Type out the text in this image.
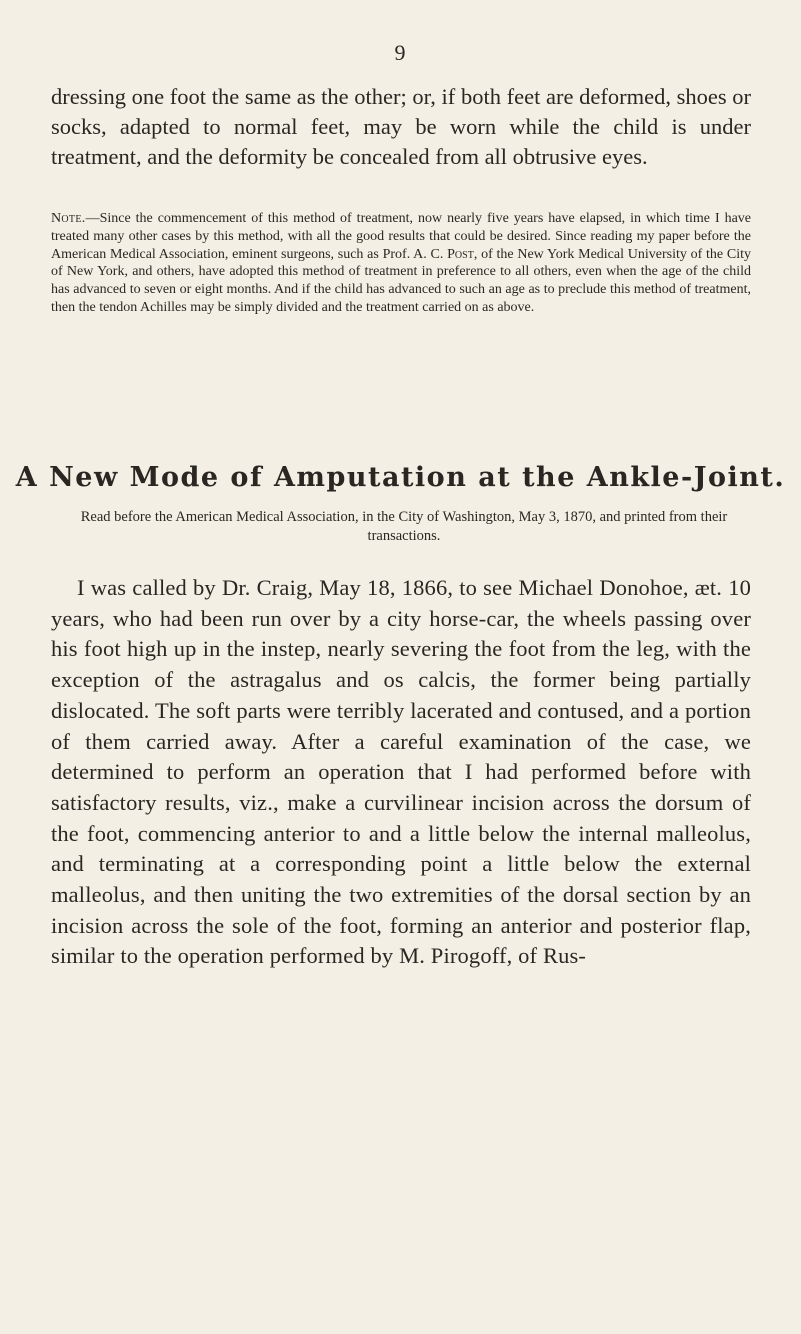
9

dressing one foot the same as the other; or, if both feet are deformed, shoes or socks, adapted to normal feet, may be worn while the child is under treatment, and the deformity be concealed from all obtrusive eyes.

Note.—Since the commencement of this method of treatment, now nearly five years have elapsed, in which time I have treated many other cases by this method, with all the good results that could be desired. Since reading my paper before the American Medical Association, eminent surgeons, such as Prof. A. C. Post, of the New York Medical University of the City of New York, and others, have adopted this method of treatment in preference to all others, even when the age of the child has advanced to seven or eight months. And if the child has advanced to such an age as to preclude this method of treatment, then the tendon Achilles may be simply divided and the treatment carried on as above.

A New Mode of Amputation at the Ankle-Joint.

Read before the American Medical Association, in the City of Washington, May 3, 1870, and printed from their transactions.

I was called by Dr. Craig, May 18, 1866, to see Michael Donohoe, æt. 10 years, who had been run over by a city horse-car, the wheels passing over his foot high up in the instep, nearly severing the foot from the leg, with the exception of the astragalus and os calcis, the former being partially dislocated. The soft parts were terribly lacerated and contused, and a portion of them carried away. After a careful examination of the case, we determined to perform an operation that I had performed before with satisfactory results, viz., make a curvilinear incision across the dorsum of the foot, commencing anterior to and a little below the internal malleolus, and terminating at a corresponding point a little below the external malleolus, and then uniting the two extremities of the dorsal section by an incision across the sole of the foot, forming an anterior and posterior flap, similar to the operation performed by M. Pirogoff, of Rus-
